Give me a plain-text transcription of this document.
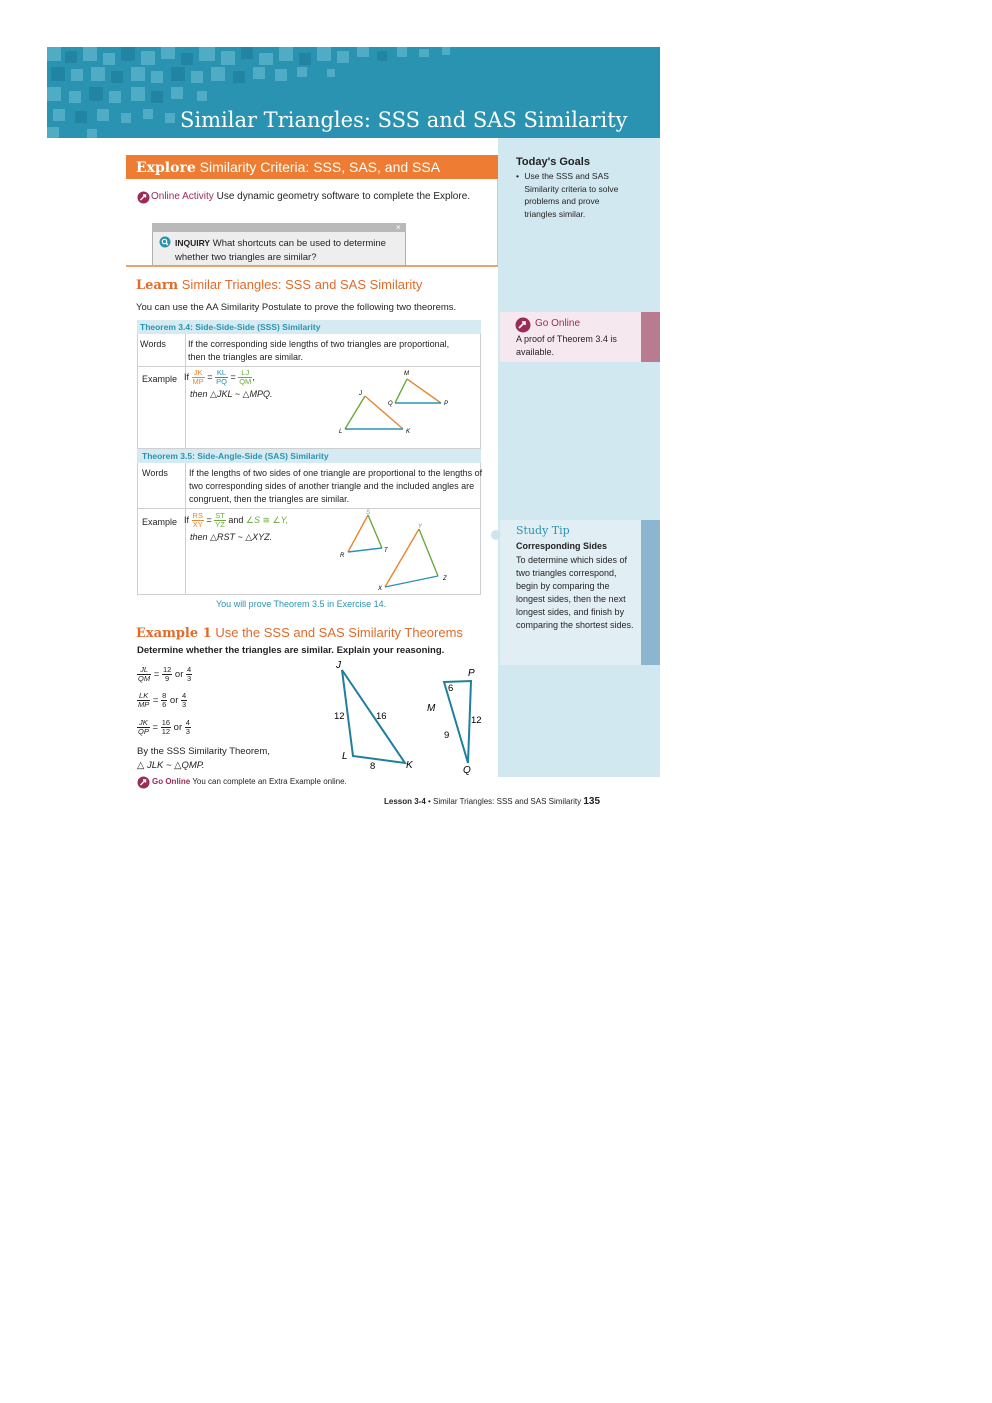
Lesson 3-4
Similar Triangles: SSS and SAS Similarity
Today's Goals
• Use the SSS and SAS Similarity criteria to solve problems and prove triangles similar.
Go Online
A proof of Theorem 3.4 is available.
Study Tip
Corresponding Sides
To determine which sides of two triangles correspond, begin by comparing the longest sides, then the next longest sides, and finish by comparing the shortest sides.
Explore Similarity Criteria: SSS, SAS, and SSA
Online Activity Use dynamic geometry software to complete the Explore.
×
INQUIRY What shortcuts can be used to determine whether two triangles are similar?
Learn Similar Triangles: SSS and SAS Similarity
You can use the AA Similarity Postulate to prove the following two theorems.
Theorem 3.4: Side-Side-Side (SSS) Similarity
Words If the corresponding side lengths of two triangles are proportional, then the triangles are similar.
Example If $\frac{JK}{MP} = \frac{KL}{PQ} = \frac{LJ}{QM}$ ,
then △JKL ~ △MPQ.
M
J
Q	P
L	K
Theorem 3.5: Side-Angle-Side (SAS) Similarity
Words If the lengths of two sides of one triangle are proportional to the lengths of two corresponding sides of another triangle and the included angles are congruent, then the triangles are similar.
Example If $\frac{RS}{XY} = \frac{ST}{YZ}$ and ∠S ≅ ∠Y,
then △RST ~ △XYZ.
S
Y
R
T
X
Z
You will prove Theorem 3.5 in Exercise 14.
Example 1 Use the SSS and SAS Similarity Theorems
Determine whether the triangles are similar. Explain your reasoning.
$\frac{JL}{QM} = \frac{12}{9}$ or $\frac{4}{3}$
$\frac{LK}{MP} = \frac{8}{6}$ or $\frac{4}{3}$
$\frac{JK}{QP} = \frac{16}{12}$ or $\frac{4}{3}$
By the SSS Similarity Theorem,
△ JLK ~ △QMP.
J
L
K
P
M
Q
12	16
8
6
12
9
Go Online You can complete an Extra Example online.
Lesson 3-4 • Similar Triangles: SSS and SAS Similarity 135
